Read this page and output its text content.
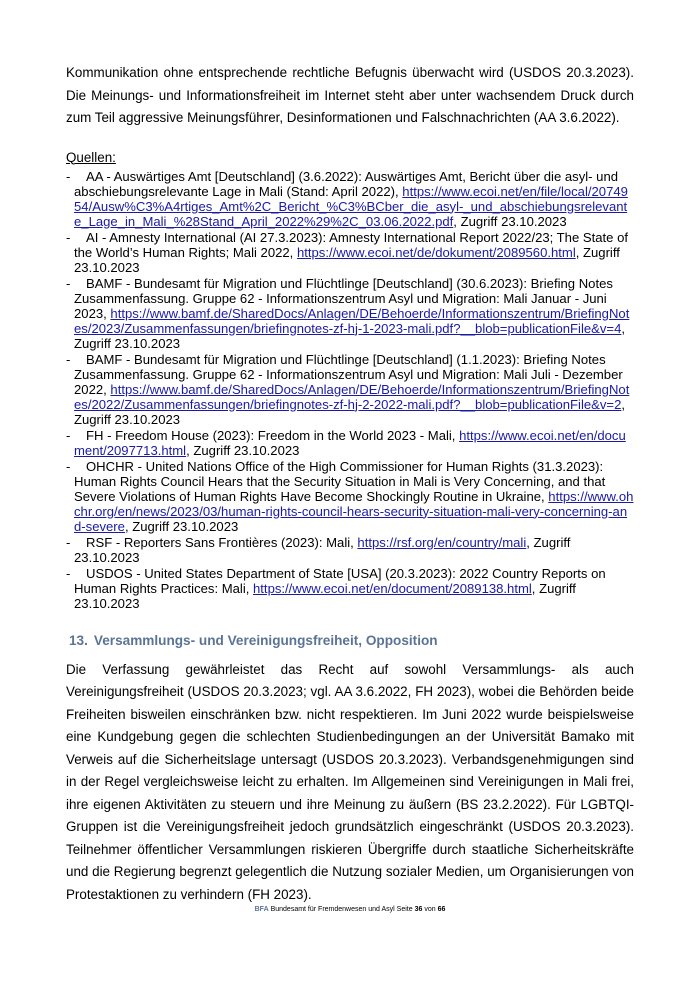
Kommunikation ohne entsprechende rechtliche Befugnis überwacht wird (USDOS 20.3.2023). Die Meinungs- und Informationsfreiheit im Internet steht aber unter wachsendem Druck durch zum Teil aggressive Meinungsführer, Desinformationen und Falschnachrichten (AA 3.6.2022).

Quellen:
- AA - Auswärtiges Amt [Deutschland] (3.6.2022): Auswärtiges Amt, Bericht über die asyl- und abschiebungsrelevante Lage in Mali (Stand: April 2022), https://www.ecoi.net/en/file/local/2074954/Ausw%C3%A4rtiges_Amt%2C_Bericht_%C3%BCber_die_asyl-_und_abschiebungsrelevante_Lage_in_Mali_%28Stand_April_2022%29%2C_03.06.2022.pdf, Zugriff 23.10.2023
- AI - Amnesty International (AI 27.3.2023): Amnesty International Report 2022/23; The State of the World’s Human Rights; Mali 2022, https://www.ecoi.net/de/dokument/2089560.html, Zugriff 23.10.2023
- BAMF - Bundesamt für Migration und Flüchtlinge [Deutschland] (30.6.2023): Briefing Notes Zusammenfassung. Gruppe 62 - Informationszentrum Asyl und Migration: Mali Januar - Juni 2023, https://www.bamf.de/SharedDocs/Anlagen/DE/Behoerde/Informationszentrum/BriefingNotes/2023/Zusammenfassungen/briefingnotes-zf-hj-1-2023-mali.pdf?__blob=publicationFile&v=4, Zugriff 23.10.2023
- BAMF - Bundesamt für Migration und Flüchtlinge [Deutschland] (1.1.2023): Briefing Notes Zusammenfassung. Gruppe 62 - Informationszentrum Asyl und Migration: Mali Juli - Dezember 2022, https://www.bamf.de/SharedDocs/Anlagen/DE/Behoerde/Informationszentrum/BriefingNotes/2022/Zusammenfassungen/briefingnotes-zf-hj-2-2022-mali.pdf?__blob=publicationFile&v=2, Zugriff 23.10.2023
- FH - Freedom House (2023): Freedom in the World 2023 - Mali, https://www.ecoi.net/en/document/2097713.html, Zugriff 23.10.2023
- OHCHR - United Nations Office of the High Commissioner for Human Rights (31.3.2023): Human Rights Council Hears that the Security Situation in Mali is Very Concerning, and that Severe Violations of Human Rights Have Become Shockingly Routine in Ukraine, https://www.ohchr.org/en/news/2023/03/human-rights-council-hears-security-situation-mali-very-concerning-and-severe, Zugriff 23.10.2023
- RSF - Reporters Sans Frontières (2023): Mali, https://rsf.org/en/country/mali, Zugriff 23.10.2023
- USDOS - United States Department of State [USA] (20.3.2023): 2022 Country Reports on Human Rights Practices: Mali, https://www.ecoi.net/en/document/2089138.html, Zugriff 23.10.2023
13. Versammlungs- und Vereinigungsfreiheit, Opposition

Die Verfassung gewährleistet das Recht auf sowohl Versammlungs- als auch Vereinigungsfreiheit (USDOS 20.3.2023; vgl. AA 3.6.2022, FH 2023), wobei die Behörden beide Freiheiten bisweilen einschränken bzw. nicht respektieren. Im Juni 2022 wurde beispielsweise eine Kundgebung gegen die schlechten Studienbedingungen an der Universität Bamako mit Verweis auf die Sicherheitslage untersagt (USDOS 20.3.2023). Verbandsgenehmigungen sind in der Regel vergleichsweise leicht zu erhalten. Im Allgemeinen sind Vereinigungen in Mali frei, ihre eigenen Aktivitäten zu steuern und ihre Meinung zu äußern (BS 23.2.2022). Für LGBTQI-Gruppen ist die Vereinigungsfreiheit jedoch grundsätzlich eingeschränkt (USDOS 20.3.2023). Teilnehmer öffentlicher Versammlungen riskieren Übergriffe durch staatliche Sicherheitskräfte und die Regierung begrenzt gelegentlich die Nutzung sozialer Medien, um Organisierungen von Protestaktionen zu verhindern (FH 2023).

BFA Bundesamt für Fremdenwesen und Asyl Seite 36 von 66
